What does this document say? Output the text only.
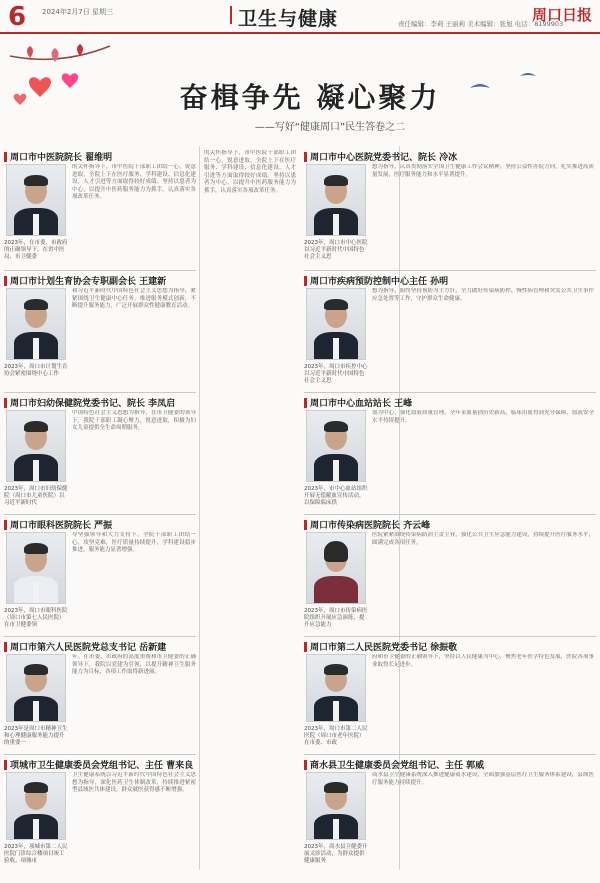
6 2024年2月7日 星期三	卫生与健康	责任编辑：李莉 王丽莉 美术编辑：张旭 电话：8199903
周口日报
奋楫争先 凝心聚力
——写好“健康周口”民生答卷之二
周口市中医院院长 翟维明
2023年，在市委、市政府的正确领导下，在省中医局、市卫健委
的关怀指导下，市中医院干部职工团结一心，锐意进取，全院上下在医疗服务、学科建设、信息化建设、人才引进等方面取得较好成绩。坚持以患者为中心，以提升中医药服务能力为抓手，认真落实各项改革任务。
周口市计划生育协会专职副会长 王建新
2023年，周口市计划生育协会紧密围绕中心工作
和习近平新时代中国特色社会主义思想为指导，紧紧围绕卫生健康中心任务，推进服务模式创新，不断提升服务能力，广泛开展群众性健康教育活动。
周口市妇幼保健院党委书记、院长 李凤启
2023年，周口市妇幼保健院（周口市儿童医院）以习近平新时代
中国特色社会主义思想为指导，在市卫健委的领导下，我院干部职工凝心聚力，锐意进取，积极为妇女儿童提供全生命周期服务。
周口市眼科医院院长 严振
2023年，周口市眼科医院（周口市第七人民医院）在市卫健委领
导坚强领导和大力支持下，全院干部职工团结一心，攻坚克难，医疗质量持续提升，学科建设稳步推进，服务能力显著增强。
周口市第六人民医院党总支书记 岳新建
2023年是周口市精神卫生和心理健康服务能力提升的重要一
年。在市委、市政府的高度重视和市卫健委的正确领导下，我院以党建为引领，以提升精神卫生服务能力为目标，各项工作取得新进展。
项城市卫生健康委员会党组书记、主任 曹来良
2023年，项城市第二人民医院门诊综合楼项目竣工验收。项城市
卫生健康系统以习近平新时代中国特色社会主义思想为指导，深化医药卫生体制改革，持续推进紧密型县域医共体建设，群众就医获得感不断增强。
的关怀指导下，市中医院干部职工团结一心，锐意进取，全院上下在医疗服务、学科建设、信息化建设、人才引进等方面取得较好成绩。坚持以患者为中心，以提升中医药服务能力为抓手，认真落实各项改革任务。
周口市中心医院党委书记、院长 冷冰
2023年，周口市中心医院以习近平新时代中国特色社会主义思
想为指导，认真贯彻落实全国卫生健康工作会议精神，坚持公益性办院方向，扎实推进高质量发展，医疗服务能力和水平显著提升。
周口市疾病预防控制中心主任 孙明
2023年，周口市疾控中心以习近平新时代中国特色社会主义思
想为指导，始终坚持预防为主方针，全力做好传染病防控、慢性病管理和突发公共卫生事件应急处置等工作，守护群众生命健康。
周口市中心血站站长 王峰
2023年，市中心血站组织开展无偿献血宣传活动，以保障临床供
血为中心，强化血液质量管理，全年采血量创历史新高，临床用血得到充分保障，血液安全水平持续提升。
周口市传染病医院院长 齐云峰
2023年，周口市传染病医院组织开展应急演练，提升应急能力
医院紧紧围绕传染病防治主责主业，强化公共卫生应急能力建设，持续提升医疗服务水平，圆满完成各项任务。
周口市第二人民医院党委书记 徐振敬
2023年，周口市第二人民医院（周口市老年医院）在市委、市政
府和市卫健委的正确领导下，坚持以人民健康为中心，聚焦老年医学特色发展，医院各项事业取得长足进步。
商水县卫生健康委员会党组书记、主任 郭威
2023年，商水县卫健委开展义诊活动，为群众提供健康服务
商水县卫生健康系统深入推进健康商水建设，全面加强基层医疗卫生服务体系建设，县域医疗服务能力持续提升。
